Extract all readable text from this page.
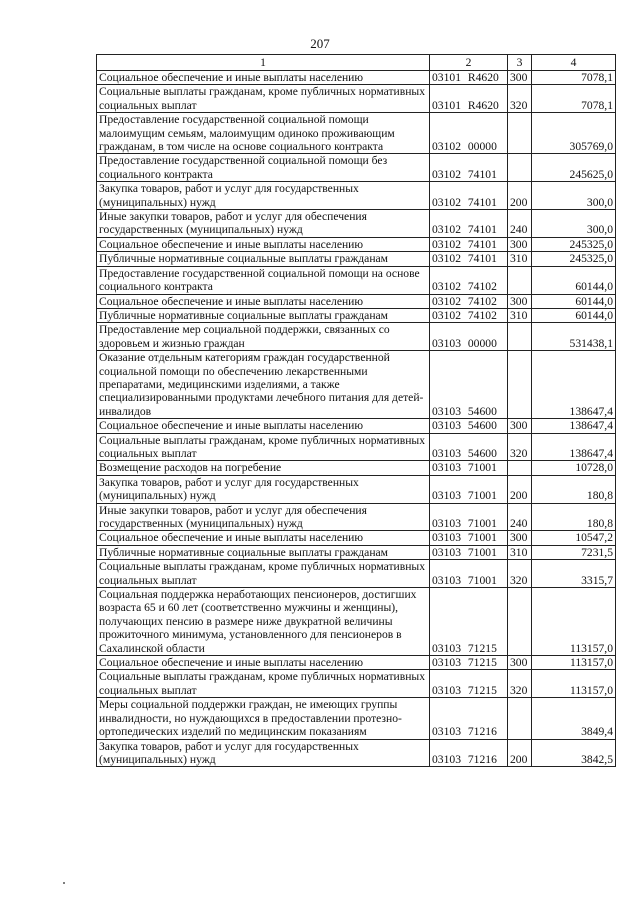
207
1	2	3	4
Социальное обеспечение и иные выплаты населению	03101 R4620	300	7078,1
Социальные выплаты гражданам, кроме публичных нормативных социальных выплат	03101 R4620	320	7078,1
Предоставление государственной социальной помощи малоимущим семьям, малоимущим одиноко проживающим гражданам, в том числе на основе социального контракта	03102 00000		305769,0
Предоставление государственной социальной помощи без социального контракта	03102 74101		245625,0
Закупка товаров, работ и услуг для государственных (муниципальных) нужд	03102 74101	200	300,0
Иные закупки товаров, работ и услуг для обеспечения государственных (муниципальных) нужд	03102 74101	240	300,0
Социальное обеспечение и иные выплаты населению	03102 74101	300	245325,0
Публичные нормативные социальные выплаты гражданам	03102 74101	310	245325,0
Предоставление государственной социальной помощи на основе социального контракта	03102 74102		60144,0
Социальное обеспечение и иные выплаты населению	03102 74102	300	60144,0
Публичные нормативные социальные выплаты гражданам	03102 74102	310	60144,0
Предоставление мер социальной поддержки, связанных со здоровьем и жизнью граждан	03103 00000		531438,1
Оказание отдельным категориям граждан государственной социальной помощи по обеспечению лекарственными препаратами, медицинскими изделиями, а также специализированными продуктами лечебного питания для детей-инвалидов	03103 54600		138647,4
Социальное обеспечение и иные выплаты населению	03103 54600	300	138647,4
Социальные выплаты гражданам, кроме публичных нормативных социальных выплат	03103 54600	320	138647,4
Возмещение расходов на погребение	03103 71001		10728,0
Закупка товаров, работ и услуг для государственных (муниципальных) нужд	03103 71001	200	180,8
Иные закупки товаров, работ и услуг для обеспечения государственных (муниципальных) нужд	03103 71001	240	180,8
Социальное обеспечение и иные выплаты населению	03103 71001	300	10547,2
Публичные нормативные социальные выплаты гражданам	03103 71001	310	7231,5
Социальные выплаты гражданам, кроме публичных нормативных социальных выплат	03103 71001	320	3315,7
Социальная поддержка неработающих пенсионеров, достигших возраста 65 и 60 лет (соответственно мужчины и женщины), получающих пенсию в размере ниже двукратной величины прожиточного минимума, установленного для пенсионеров в Сахалинской области	03103 71215		113157,0
Социальное обеспечение и иные выплаты населению	03103 71215	300	113157,0
Социальные выплаты гражданам, кроме публичных нормативных социальных выплат	03103 71215	320	113157,0
Меры социальной поддержки граждан, не имеющих группы инвалидности, но нуждающихся в предоставлении протезно-ортопедических изделий по медицинским показаниям	03103 71216		3849,4
Закупка товаров, работ и услуг для государственных (муниципальных) нужд	03103 71216	200	3842,5
